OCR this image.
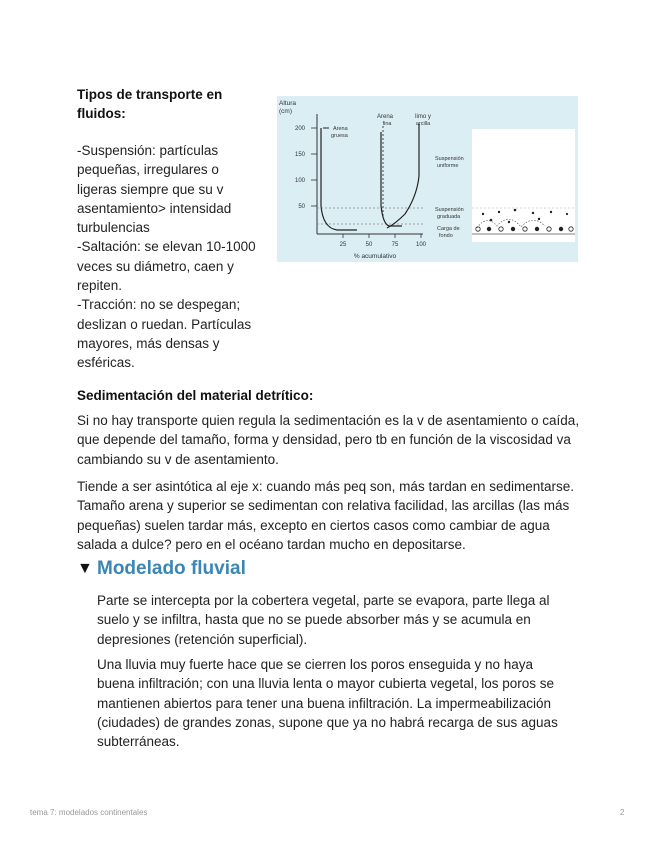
Tipos de transporte en fluidos:

-Suspensión: partículas pequeñas, irregulares o ligeras siempre que su v asentamiento> intensidad turbulencias

-Saltación: se elevan 10-1000 veces su diámetro, caen y repiten.

-Tracción: no se despegan; deslizan o ruedan. Partículas mayores, más densas y esféricas.

Altura
(cm)
200
150
100
50
25	50	75	100
% acumulativo
Arena
gruesa
Arena
fina
limo y
arcilla
Suspensión
uniforme
Suspensión
graduada
Carga de
fondo
Sedimentación del material detrítico:

Si no hay transporte quien regula la sedimentación es la v de asentamiento o caída, que depende del tamaño, forma y densidad, pero tb en función de la viscosidad va cambiando su v de asentamiento.

Tiende a ser asintótica al eje x: cuando más peq son, más tardan en sedimentarse. Tamaño arena y superior se sedimentan con relativa facilidad, las arcillas (las más pequeñas) suelen tardar más, excepto en ciertos casos como cambiar de agua salada a dulce? pero en el océano tardan mucho en depositarse.

▼ Modelado fluvial

Parte se intercepta por la cobertera vegetal, parte se evapora, parte llega al suelo y se infiltra, hasta que no se puede absorber más y se acumula en depresiones (retención superficial).

Una lluvia muy fuerte hace que se cierren los poros enseguida y no haya buena infiltración; con una lluvia lenta o mayor cubierta vegetal, los poros se mantienen abiertos para tener una buena infiltración. La impermeabilización (ciudades) de grandes zonas, supone que ya no habrá recarga de sus aguas subterráneas.

tema 7: modelados continentales	2
